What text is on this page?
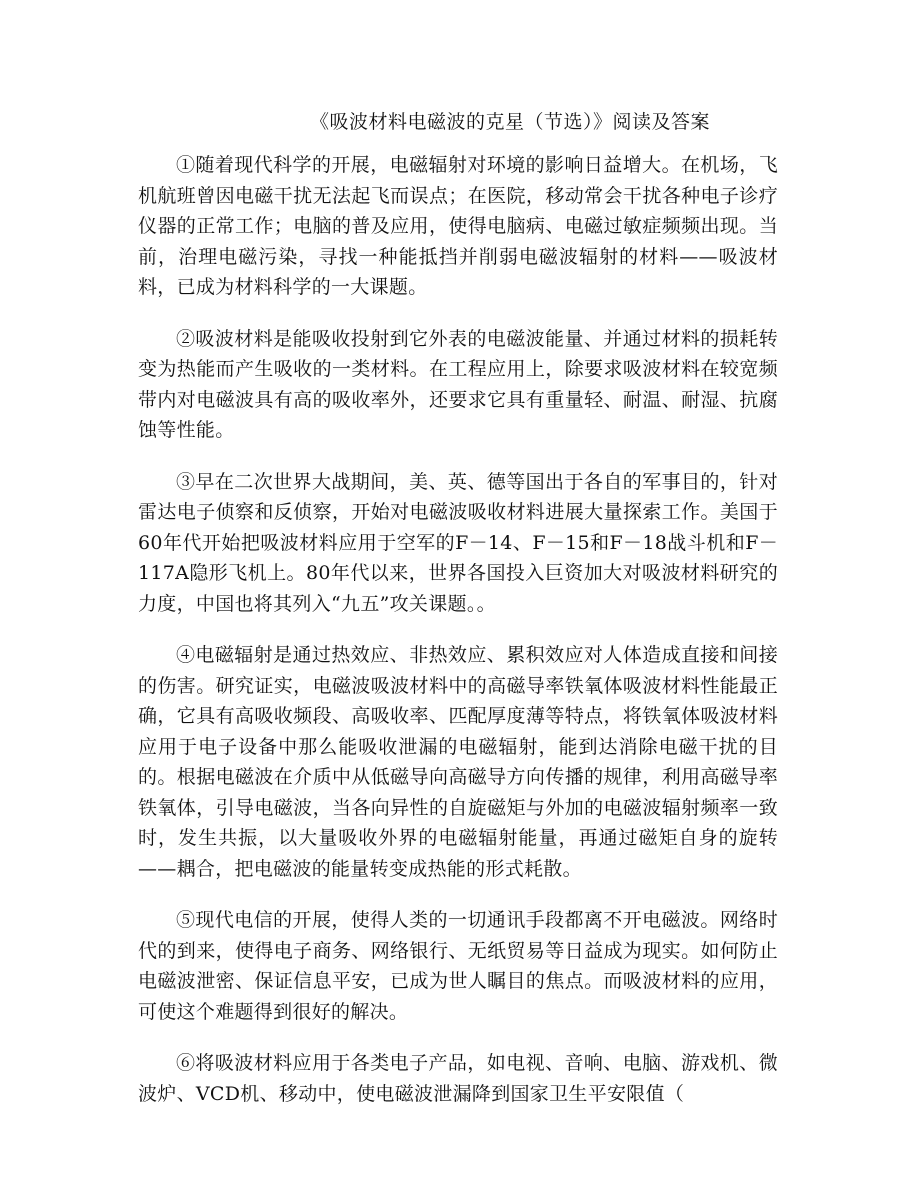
《吸波材料电磁波的克星（节选）》阅读及答案

①随着现代科学的开展，电磁辐射对环境的影响日益增大。在机场，飞机航班曾因电磁干扰无法起飞而误点；在医院，移动常会干扰各种电子诊疗仪器的正常工作；电脑的普及应用，使得电脑病、电磁过敏症频频出现。当前，治理电磁污染，寻找一种能抵挡并削弱电磁波辐射的材料——吸波材料，已成为材料科学的一大课题。

②吸波材料是能吸收投射到它外表的电磁波能量、并通过材料的损耗转变为热能而产生吸收的一类材料。在工程应用上，除要求吸波材料在较宽频带内对电磁波具有高的吸收率外，还要求它具有重量轻、耐温、耐湿、抗腐蚀等性能。

③早在二次世界大战期间，美、英、德等国出于各自的军事目的，针对雷达电子侦察和反侦察，开始对电磁波吸收材料进展大量探索工作。美国于60年代开始把吸波材料应用于空军的F－14、F－15和F－18战斗机和F－117A隐形飞机上。80年代以来，世界各国投入巨资加大对吸波材料研究的力度，中国也将其列入“九五”攻关课题。。

④电磁辐射是通过热效应、非热效应、累积效应对人体造成直接和间接的伤害。研究证实，电磁波吸波材料中的高磁导率铁氧体吸波材料性能最正确，它具有高吸收频段、高吸收率、匹配厚度薄等特点，将铁氧体吸波材料应用于电子设备中那么能吸收泄漏的电磁辐射，能到达消除电磁干扰的目的。根据电磁波在介质中从低磁导向高磁导方向传播的规律，利用高磁导率铁氧体，引导电磁波，当各向异性的自旋磁矩与外加的电磁波辐射频率一致时，发生共振，以大量吸收外界的电磁辐射能量，再通过磁矩自身的旋转——耦合，把电磁波的能量转变成热能的形式耗散。

⑤现代电信的开展，使得人类的一切通讯手段都离不开电磁波。网络时代的到来，使得电子商务、网络银行、无纸贸易等日益成为现实。如何防止电磁波泄密、保证信息平安，已成为世人瞩目的焦点。而吸波材料的应用，可使这个难题得到很好的解决。

⑥将吸波材料应用于各类电子产品，如电视、音响、电脑、游戏机、微波炉、VCD机、移动中，使电磁波泄漏降到国家卫生平安限值（
